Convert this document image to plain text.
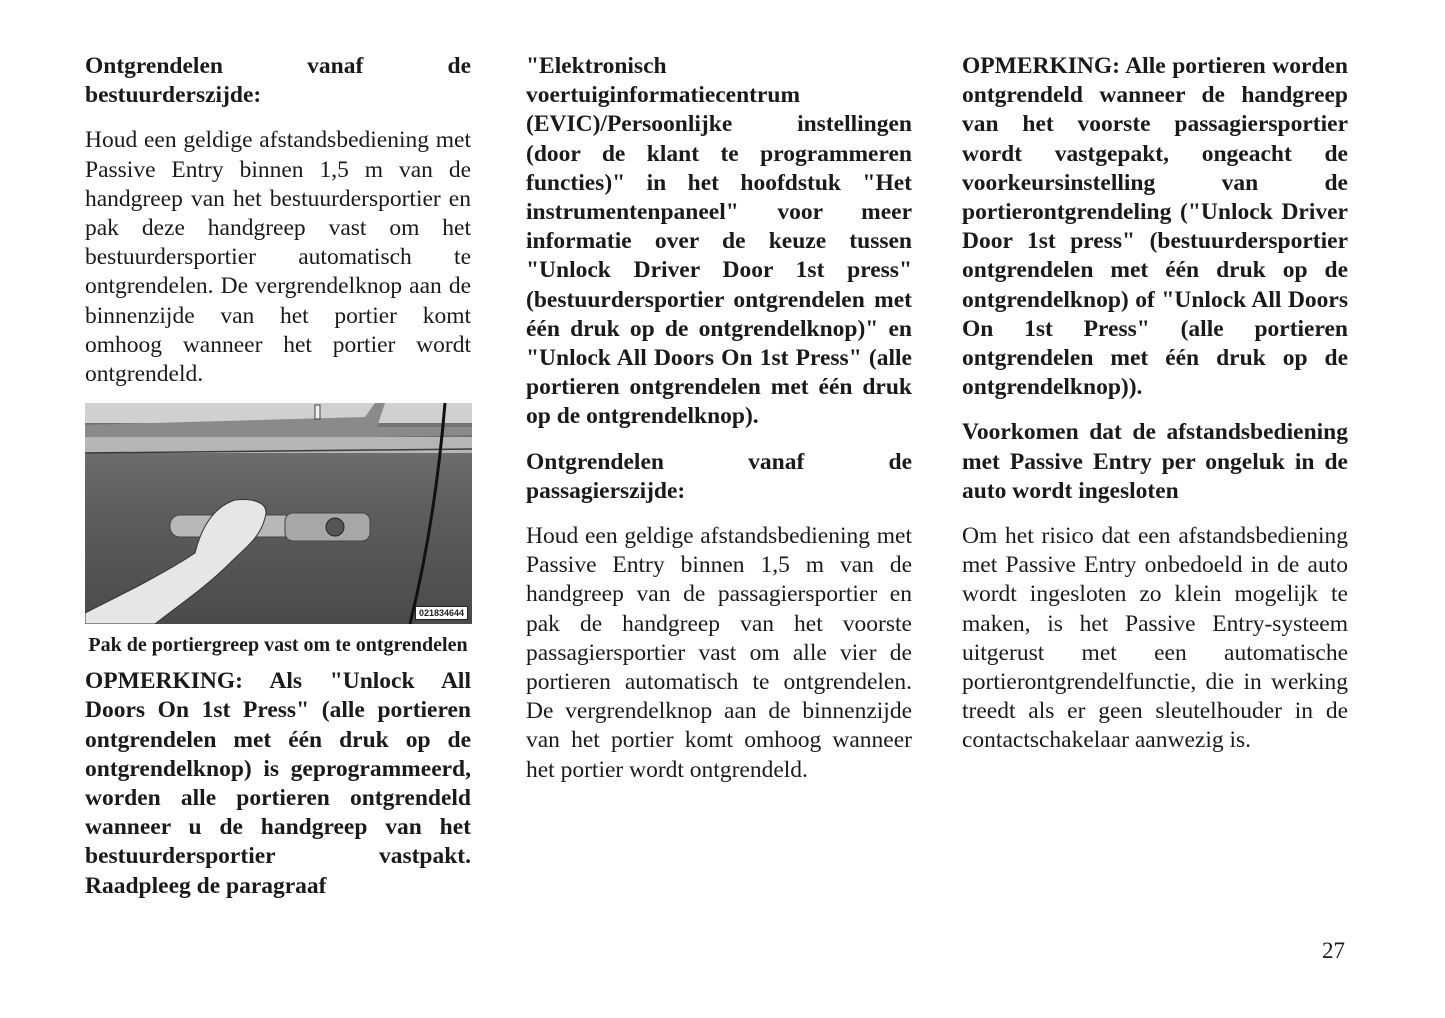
Ontgrendelen vanaf de bestuurderszijde:

Houd een geldige afstandsbediening met Passive Entry binnen 1,5 m van de handgreep van het bestuurdersportier en pak deze handgreep vast om het bestuurdersportier automatisch te ontgrendelen. De vergrendelknop aan de binnenzijde van het portier komt omhoog wanneer het portier wordt ontgrendeld.

021834644

Pak de portiergreep vast om te ontgrendelen

OPMERKING: Als "Unlock All Doors On 1st Press" (alle portieren ontgrendelen met één druk op de ontgrendelknop) is geprogrammeerd, worden alle portieren ontgrendeld wanneer u de handgreep van het bestuurdersportier vastpakt. Raadpleeg de paragraaf

"Elektronisch voertuiginformatiecentrum (EVIC)/Persoonlijke instellingen (door de klant te programmeren functies)" in het hoofdstuk "Het instrumentenpaneel" voor meer informatie over de keuze tussen "Unlock Driver Door 1st press" (bestuurdersportier ontgrendelen met één druk op de ontgrendelknop)" en "Unlock All Doors On 1st Press" (alle portieren ontgrendelen met één druk op de ontgrendelknop).

Ontgrendelen vanaf de passagierszijde:

Houd een geldige afstandsbediening met Passive Entry binnen 1,5 m van de handgreep van de passagiersportier en pak de handgreep van het voorste passagiersportier vast om alle vier de portieren automatisch te ontgrendelen. De vergrendelknop aan de binnenzijde van het portier komt omhoog wanneer het portier wordt ontgrendeld.

OPMERKING: Alle portieren worden ontgrendeld wanneer de handgreep van het voorste passagiersportier wordt vastgepakt, ongeacht de voorkeursinstelling van de portierontgrendeling ("Unlock Driver Door 1st press" (bestuurdersportier ontgrendelen met één druk op de ontgrendelknop) of "Unlock All Doors On 1st Press" (alle portieren ontgrendelen met één druk op de ontgrendelknop)).

Voorkomen dat de afstandsbediening met Passive Entry per ongeluk in de auto wordt ingesloten

Om het risico dat een afstandsbediening met Passive Entry onbedoeld in de auto wordt ingesloten zo klein mogelijk te maken, is het Passive Entry-systeem uitgerust met een automatische portierontgrendelfunctie, die in werking treedt als er geen sleutelhouder in de contactschakelaar aanwezig is.

27
